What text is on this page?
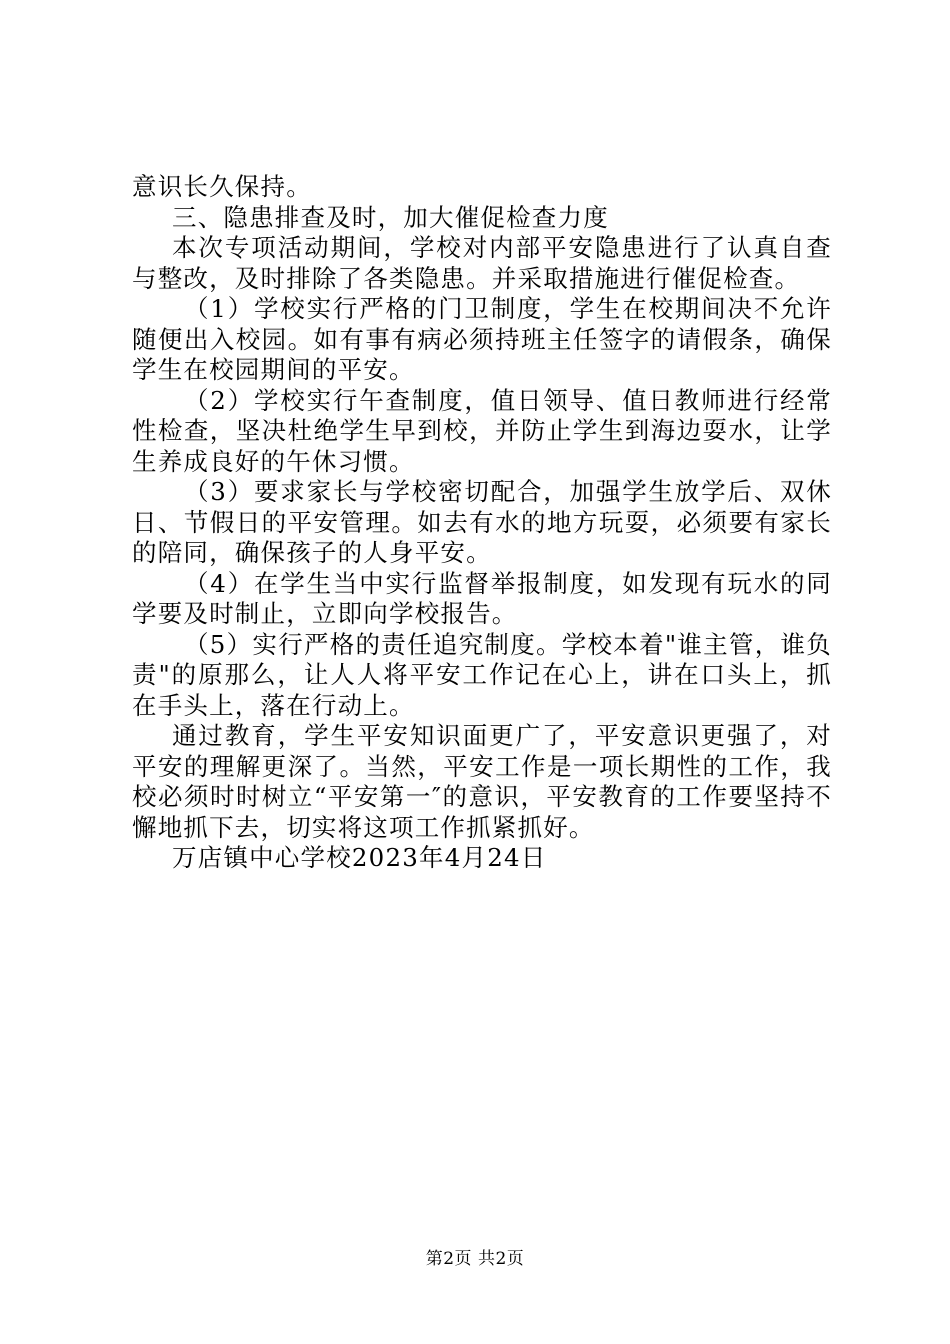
意识长久保持。

三、隐患排查及时，加大催促检查力度

本次专项活动期间，学校对内部平安隐患进行了认真自查与整改，及时排除了各类隐患。并采取措施进行催促检查。

（1）学校实行严格的门卫制度，学生在校期间决不允许随便出入校园。如有事有病必须持班主任签字的请假条，确保学生在校园期间的平安。

（2）学校实行午查制度，值日领导、值日教师进行经常性检查，坚决杜绝学生早到校，并防止学生到海边耍水，让学生养成良好的午休习惯。

（3）要求家长与学校密切配合，加强学生放学后、双休日、节假日的平安管理。如去有水的地方玩耍，必须要有家长的陪同，确保孩子的人身平安。

（4）在学生当中实行监督举报制度，如发现有玩水的同学要及时制止，立即向学校报告。

（5）实行严格的责任追究制度。学校本着"谁主管，谁负责"的原那么，让人人将平安工作记在心上，讲在口头上，抓在手头上，落在行动上。

通过教育，学生平安知识面更广了，平安意识更强了，对平安的理解更深了。当然，平安工作是一项长期性的工作，我校必须时时树立“平安第一″的意识，平安教育的工作要坚持不懈地抓下去，切实将这项工作抓紧抓好。

万店镇中心学校2023年4月24日

第2页 共2页
